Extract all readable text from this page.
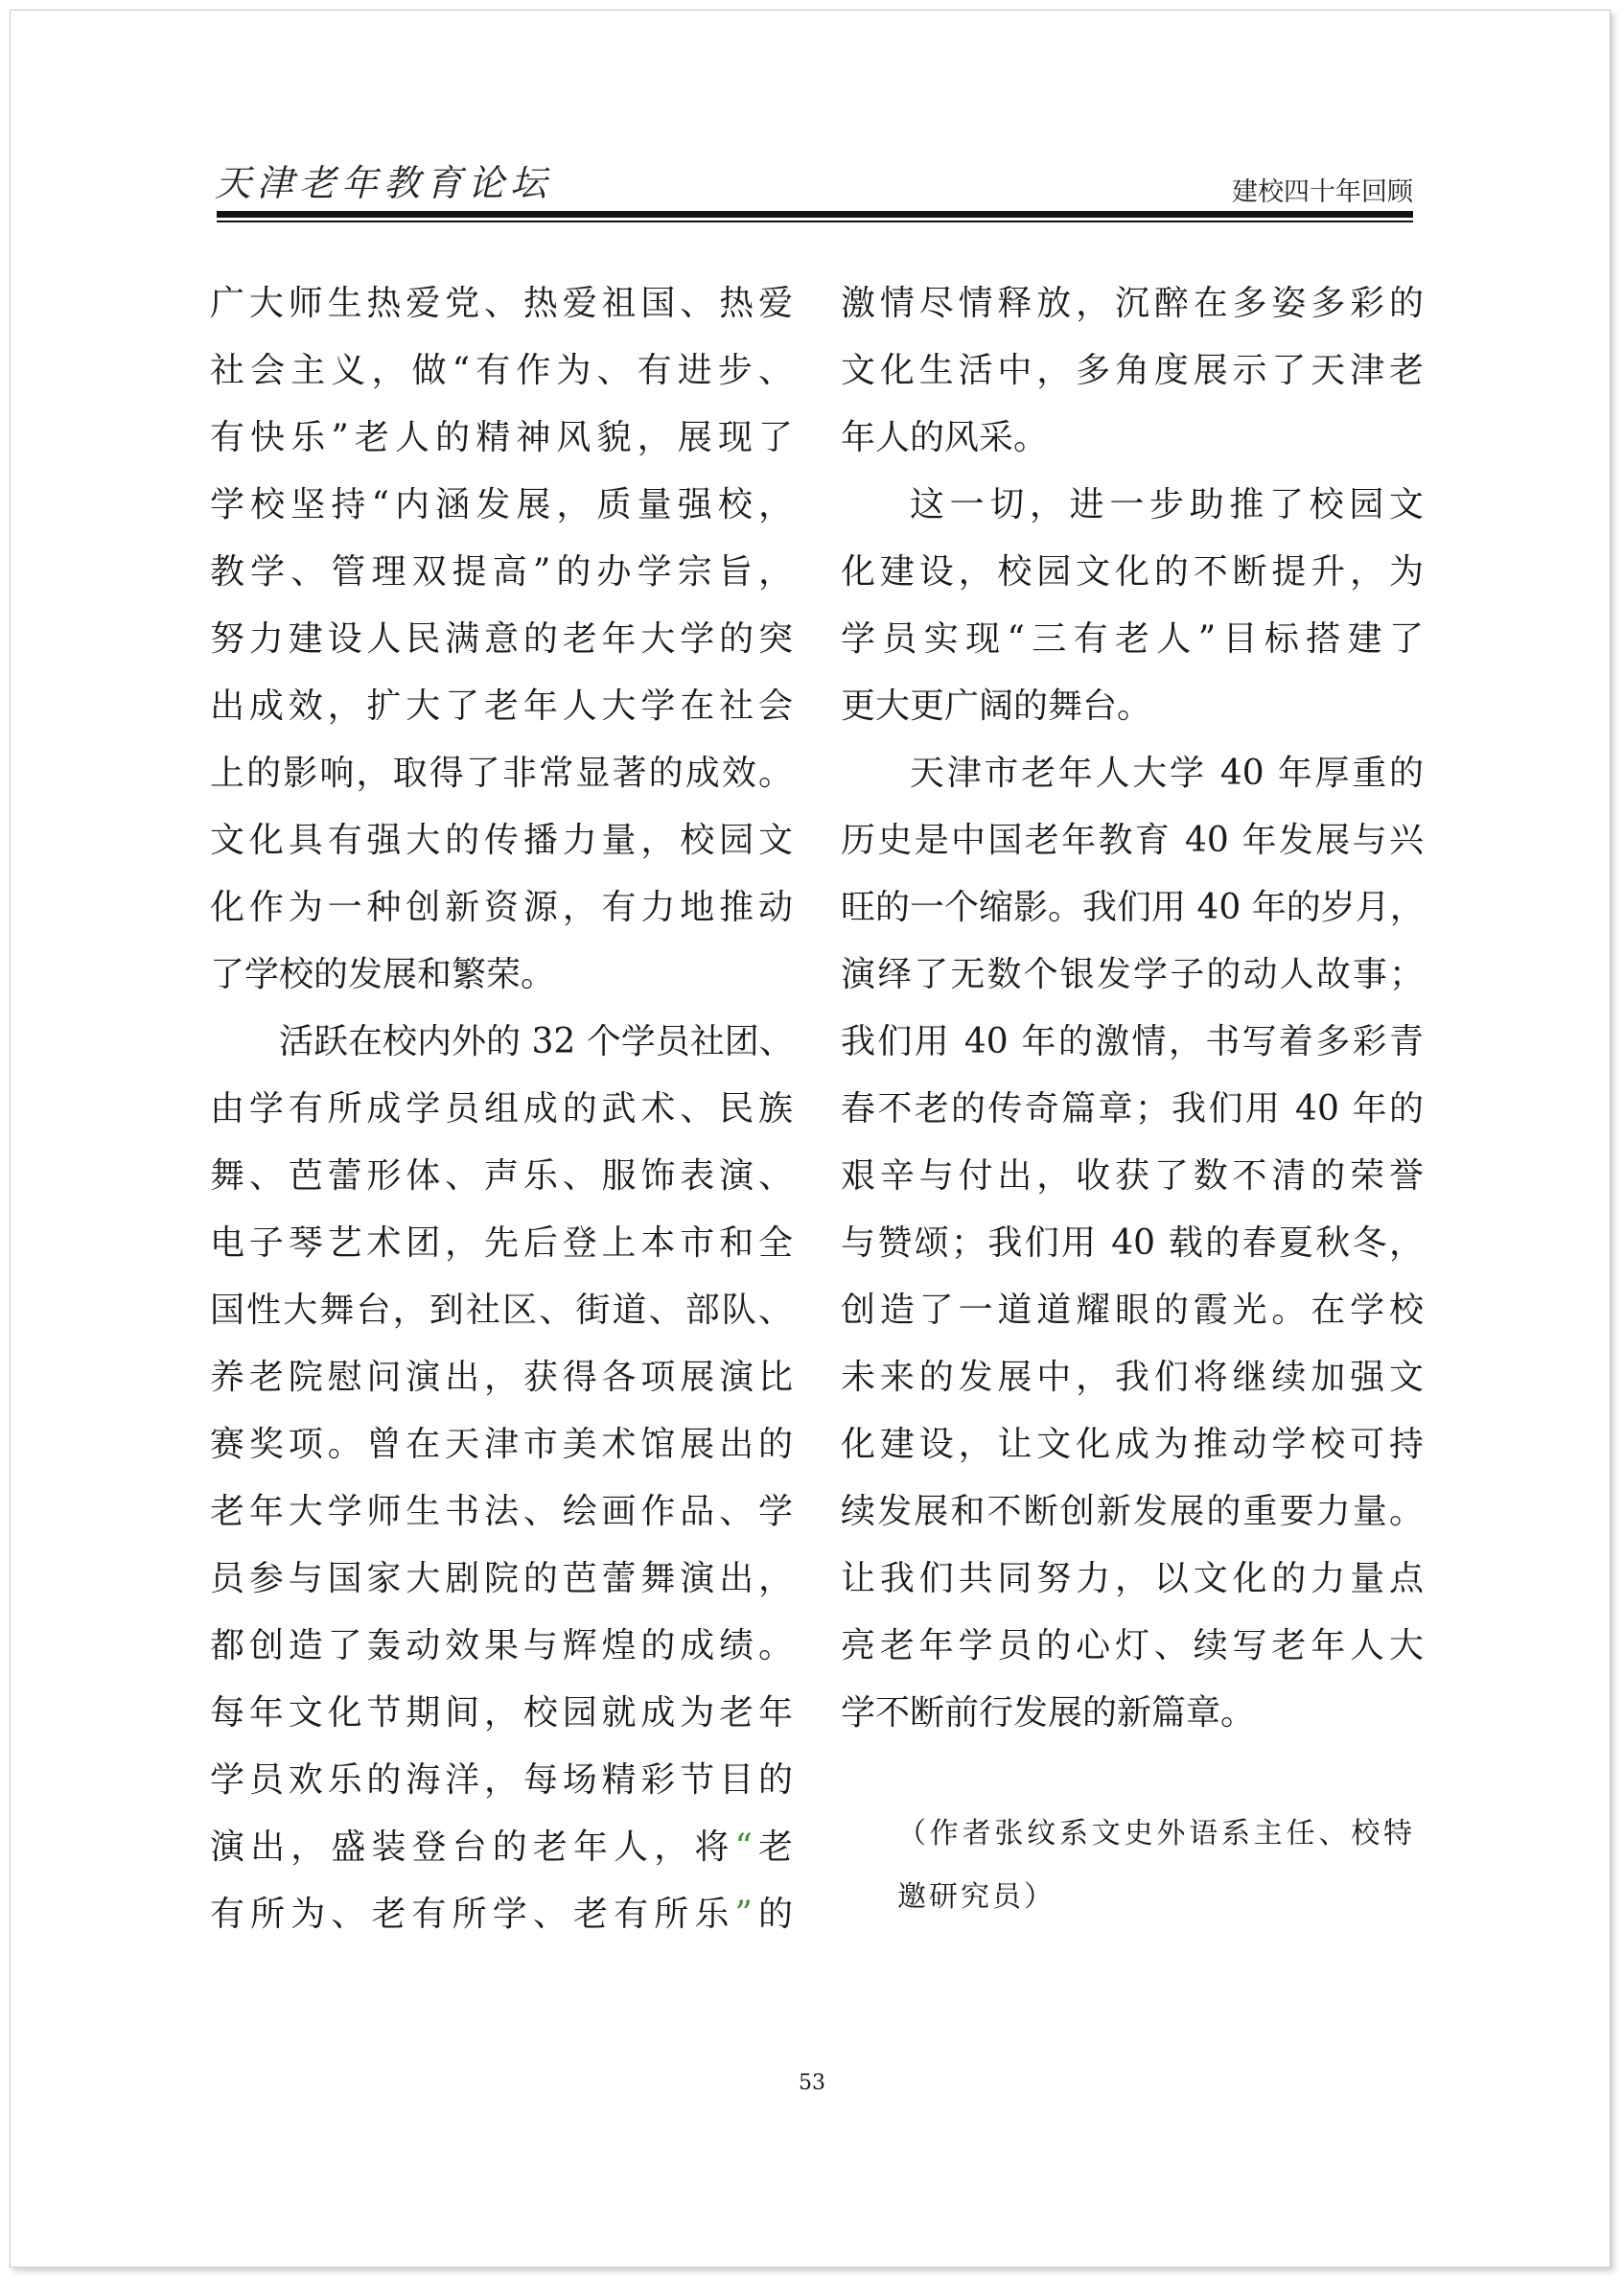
天津老年教育论坛	建校四十年回顾
广大师生热爱党、热爱祖国、热爱
社会主义，做“有作为、有进步、
有快乐”老人的精神风貌，展现了
学校坚持“内涵发展，质量强校，
教学、管理双提高”的办学宗旨，
努力建设人民满意的老年大学的突
出成效，扩大了老年人大学在社会
上的影响，取得了非常显著的成效。
文化具有强大的传播力量，校园文
化作为一种创新资源，有力地推动
了学校的发展和繁荣。
活跃在校内外的 32 个学员社团、
由学有所成学员组成的武术、民族
舞、芭蕾形体、声乐、服饰表演、
电子琴艺术团，先后登上本市和全
国性大舞台，到社区、街道、部队、
养老院慰问演出，获得各项展演比
赛奖项。曾在天津市美术馆展出的
老年大学师生书法、绘画作品、学
员参与国家大剧院的芭蕾舞演出，
都创造了轰动效果与辉煌的成绩。
每年文化节期间，校园就成为老年
学员欢乐的海洋，每场精彩节目的
演出，盛装登台的老年人，将“老
有所为、老有所学、老有所乐”的
激情尽情释放，沉醉在多姿多彩的
文化生活中，多角度展示了天津老
年人的风采。
这一切，进一步助推了校园文
化建设，校园文化的不断提升，为
学员实现“三有老人”目标搭建了
更大更广阔的舞台。
天津市老年人大学 40 年厚重的
历史是中国老年教育 40 年发展与兴
旺的一个缩影。我们用 40 年的岁月，
演绎了无数个银发学子的动人故事；
我们用 40 年的激情，书写着多彩青
春不老的传奇篇章；我们用 40 年的
艰辛与付出，收获了数不清的荣誉
与赞颂；我们用 40 载的春夏秋冬，
创造了一道道耀眼的霞光。在学校
未来的发展中，我们将继续加强文
化建设，让文化成为推动学校可持
续发展和不断创新发展的重要力量。
让我们共同努力，以文化的力量点
亮老年学员的心灯、续写老年人大
学不断前行发展的新篇章。
（作者张纹系文史外语系主任、校特
邀研究员）
53
